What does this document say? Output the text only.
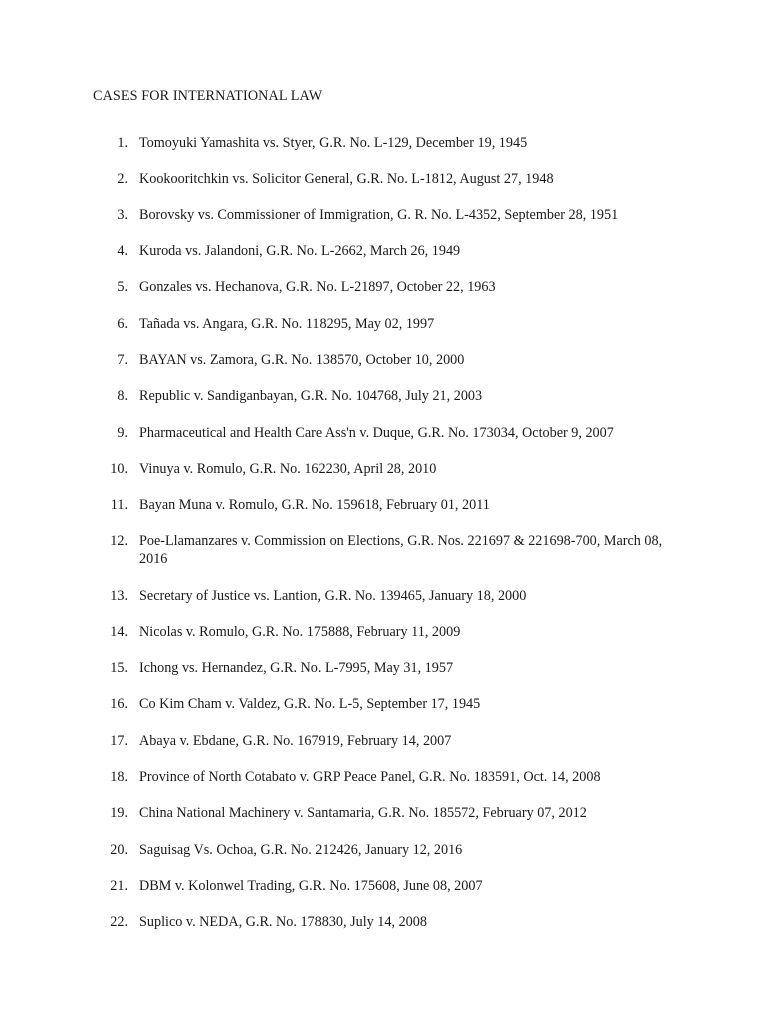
CASES FOR INTERNATIONAL LAW
1. Tomoyuki Yamashita vs. Styer, G.R. No. L-129, December 19, 1945
2. Kookooritchkin vs. Solicitor General, G.R. No. L-1812, August 27, 1948
3. Borovsky vs. Commissioner of Immigration, G. R. No. L-4352, September 28, 1951
4. Kuroda vs. Jalandoni, G.R. No. L-2662, March 26, 1949
5. Gonzales vs. Hechanova, G.R. No. L-21897, October 22, 1963
6. Tañada vs. Angara, G.R. No. 118295, May 02, 1997
7. BAYAN vs. Zamora, G.R. No. 138570, October 10, 2000
8. Republic v. Sandiganbayan, G.R. No. 104768, July 21, 2003
9. Pharmaceutical and Health Care Ass'n v. Duque, G.R. No. 173034, October 9, 2007
10. Vinuya v. Romulo, G.R. No. 162230, April 28, 2010
11. Bayan Muna v. Romulo, G.R. No. 159618, February 01, 2011
12. Poe-Llamanzares v. Commission on Elections, G.R. Nos. 221697 & 221698-700, March 08, 2016
13. Secretary of Justice vs. Lantion, G.R. No. 139465, January 18, 2000
14. Nicolas v. Romulo, G.R. No. 175888, February 11, 2009
15. Ichong vs. Hernandez, G.R. No. L-7995, May 31, 1957
16. Co Kim Cham v. Valdez, G.R. No. L-5, September 17, 1945
17. Abaya v. Ebdane, G.R. No. 167919, February 14, 2007
18. Province of North Cotabato v. GRP Peace Panel, G.R. No. 183591, Oct. 14, 2008
19. China National Machinery v. Santamaria, G.R. No. 185572, February 07, 2012
20. Saguisag Vs. Ochoa, G.R. No. 212426, January 12, 2016
21. DBM v. Kolonwel Trading, G.R. No. 175608, June 08, 2007
22. Suplico v. NEDA, G.R. No. 178830, July 14, 2008
